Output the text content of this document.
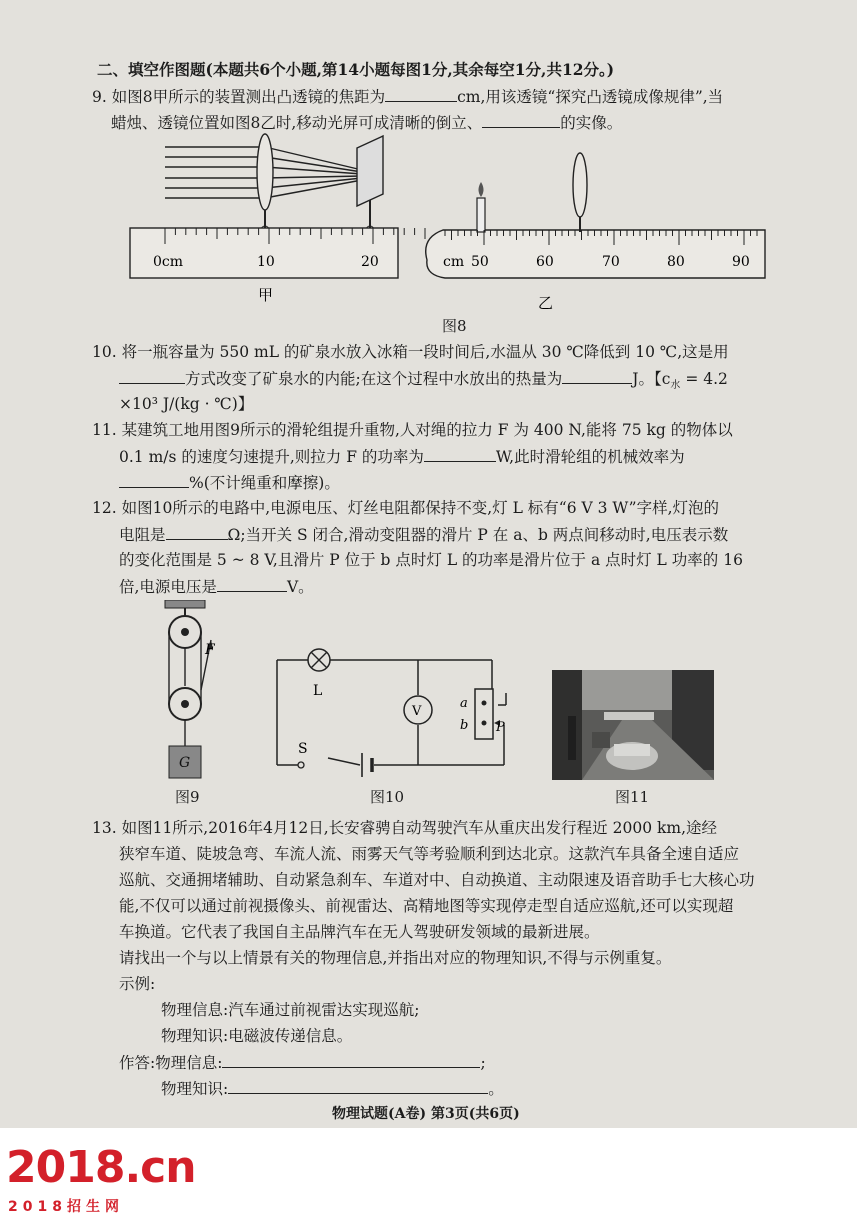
二、填空作图题(本题共6个小题,第14小题每图1分,其余每空1分,共12分。)
9. 如图8甲所示的装置测出凸透镜的焦距为	cm,用该透镜“探究凸透镜成像规律”,当
蜡烛、透镜位置如图8乙时,移动光屏可成清晰的倒立、	的实像。
0cm	10	20
甲
cm 50	60	70	80	90
乙
图8
10. 将一瓶容量为 550 mL 的矿泉水放入冰箱一段时间后,水温从 30 ℃降低到 10 ℃,这是用
方式改变了矿泉水的内能;在这个过程中水放出的热量为	J。【$c_水 = 4.2$
×10³ J/(kg · ℃)】
11. 某建筑工地用图9所示的滑轮组提升重物,人对绳的拉力 F 为 400 N,能将 75 kg 的物体以
0.1 m/s 的速度匀速提升,则拉力 F 的功率为	W,此时滑轮组的机械效率为
%(不计绳重和摩擦)。
12. 如图10所示的电路中,电源电压、灯丝电阻都保持不变,灯 L 标有“6 V 3 W”字样,灯泡的
电阻是	Ω;当开关 S 闭合,滑动变阻器的滑片 P 在 a、b 两点间移动时,电压表示数
的变化范围是 5 ~ 8 V,且滑片 P 位于 b 点时灯 L 的功率是滑片位于 a 点时灯 L 功率的 16
倍,电源电压是	V。
F
G
图9
L
V
a
b P
S
图10	图11
13. 如图11所示,2016年4月12日,长安睿骋自动驾驶汽车从重庆出发行程近 2000 km,途经
狭窄车道、陡坡急弯、车流人流、雨雾天气等考验顺利到达北京。这款汽车具备全速自适应
巡航、交通拥堵辅助、自动紧急刹车、车道对中、自动换道、主动限速及语音助手七大核心功
能,不仅可以通过前视摄像头、前视雷达、高精地图等实现停走型自适应巡航,还可以实现超
车换道。它代表了我国自主品牌汽车在无人驾驶研发领域的最新进展。
请找出一个与以上情景有关的物理信息,并指出对应的物理知识,不得与示例重复。
示例:
物理信息:汽车通过前视雷达实现巡航;
物理知识:电磁波传递信息。
作答:物理信息:	;
物理知识:	。
物理试题(A卷) 第3页(共6页)
2018.cn
2018招生网
